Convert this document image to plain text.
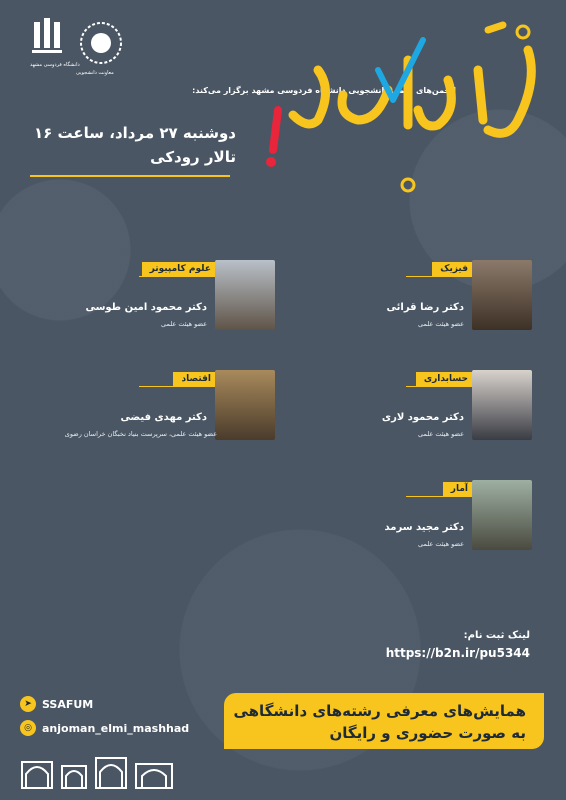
دانشگاه فردوسی مشهد
معاونت دانشجویی
انجمن‌های علمی دانشجویی دانشگاه فردوسی مشهد برگزار می‌کند:
دوشنبه ۲۷ مرداد، ساعت ۱۶
تالار رودکی
فیزیک
دکتر رضا قرائی
عضو هیئت علمی
علوم کامپیوتر
دکتر محمود امین طوسی
عضو هیئت علمی
حسابداری
دکتر محمود لاری
عضو هیئت علمی
اقتصاد
دکتر مهدی فیضی
عضو هیئت علمی، سرپرست بنیاد نخبگان خراسان رضوی
آمار
دکتر مجید سرمد
عضو هیئت علمی
لینک ثبت نام:
https://b2n.ir/pu5344
➤ SSAFUM
◎ anjoman_elmi_mashhad
همایش‌های معرفی رشته‌های دانشگاهی
به صورت حضوری و رایگان
